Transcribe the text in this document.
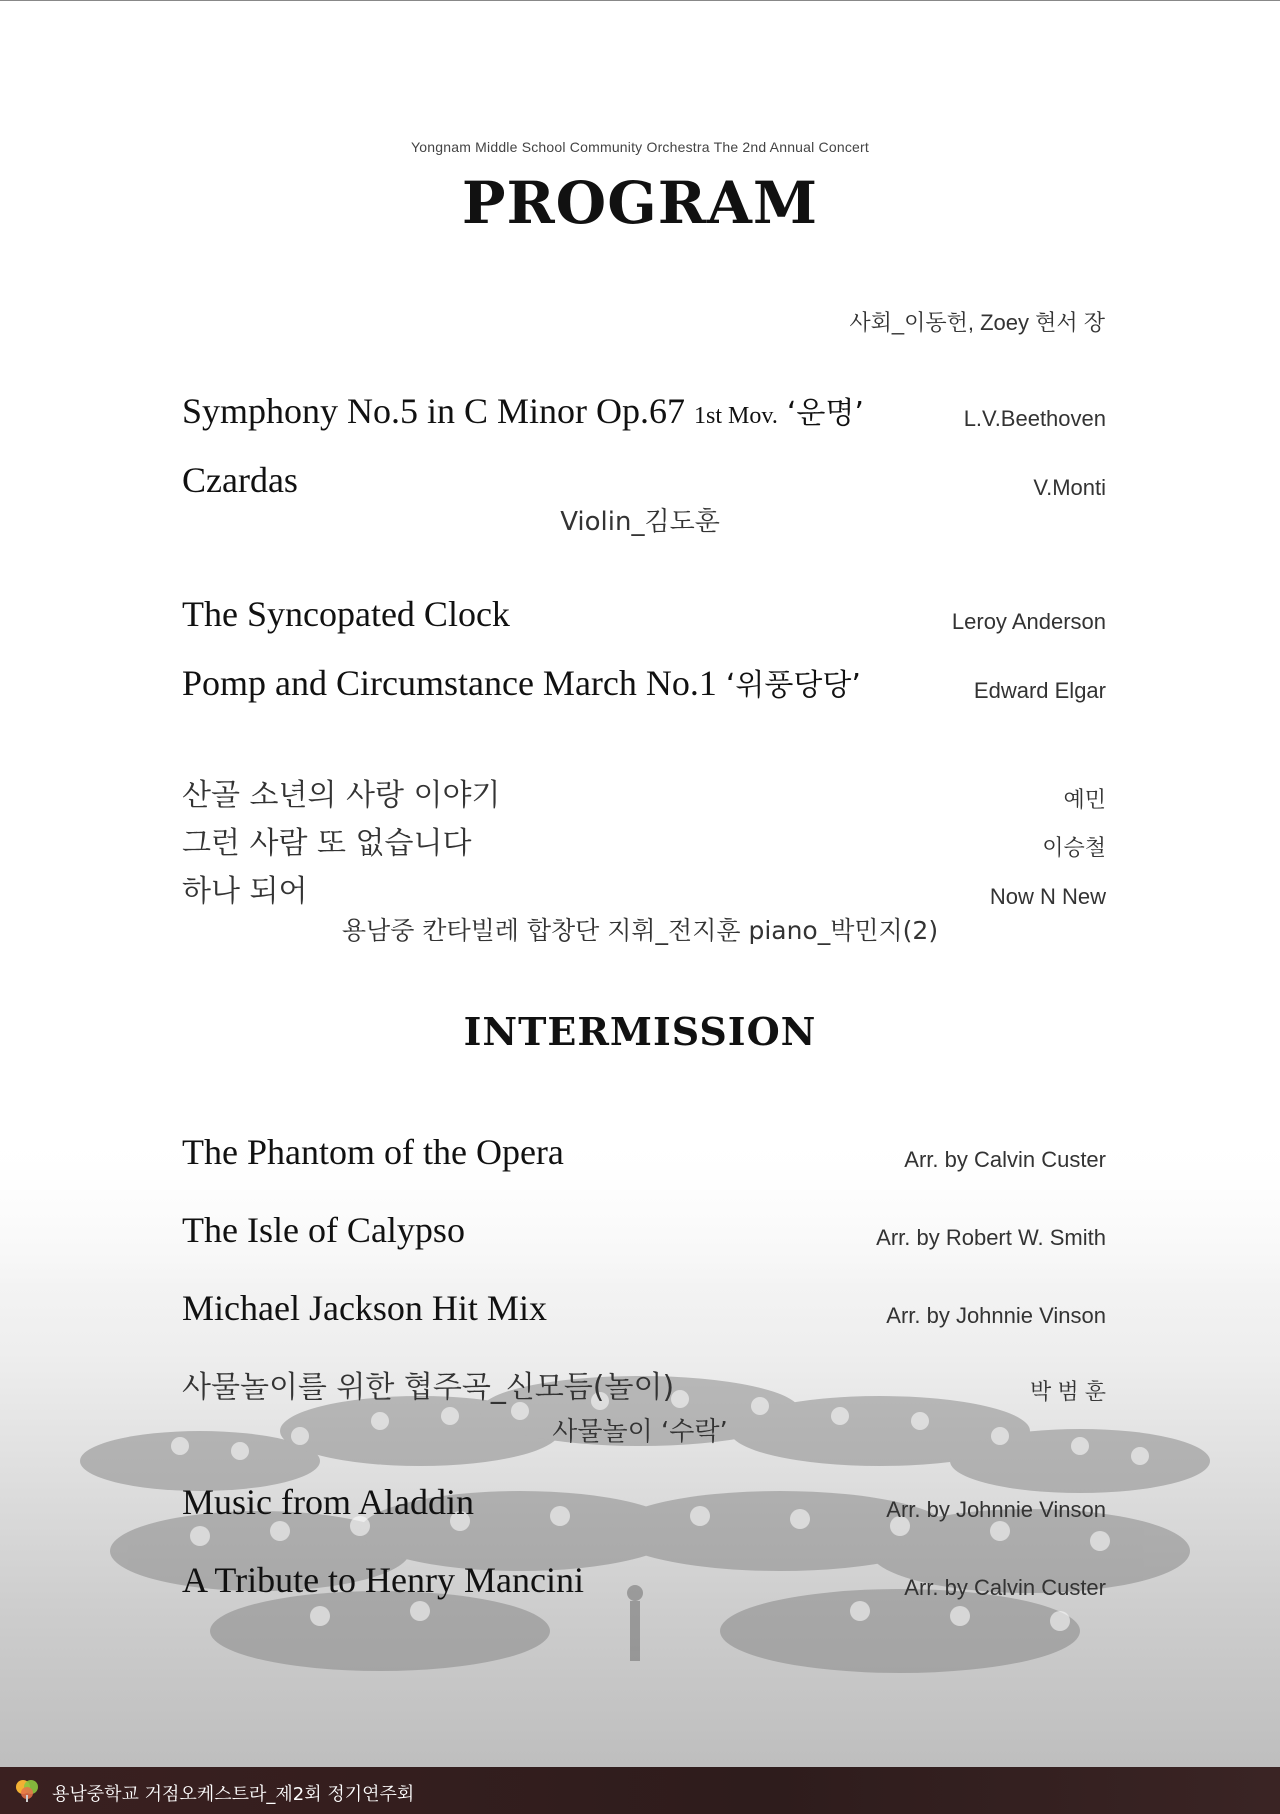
Yongnam Middle School Community Orchestra The 2nd Annual Concert
PROGRAM
사회_이동헌, Zoey 현서 장
Symphony No.5 in C Minor Op.67 1st Mov. ‘운명’	L.V.Beethoven
Czardas	V.Monti
Violin_김도훈
The Syncopated Clock	Leroy Anderson
Pomp and Circumstance March No.1 ‘위풍당당’	Edward Elgar
산골 소년의 사랑 이야기	예민
그런 사람 또 없습니다	이승철
하나 되어	Now N New
용남중 칸타빌레 합창단 지휘_전지훈 piano_박민지(2)
INTERMISSION
The Phantom of the Opera	Arr. by Calvin Custer
The Isle of Calypso	Arr. by Robert W. Smith
Michael Jackson Hit Mix	Arr. by Johnnie Vinson
사물놀이를 위한 협주곡_신모듬(놀이)	박 범 훈
사물놀이 ‘수락’
Music from Aladdin	Arr. by Johnnie Vinson
A Tribute to Henry Mancini	Arr. by Calvin Custer
용남중학교 거점오케스트라_제2회 정기연주회
